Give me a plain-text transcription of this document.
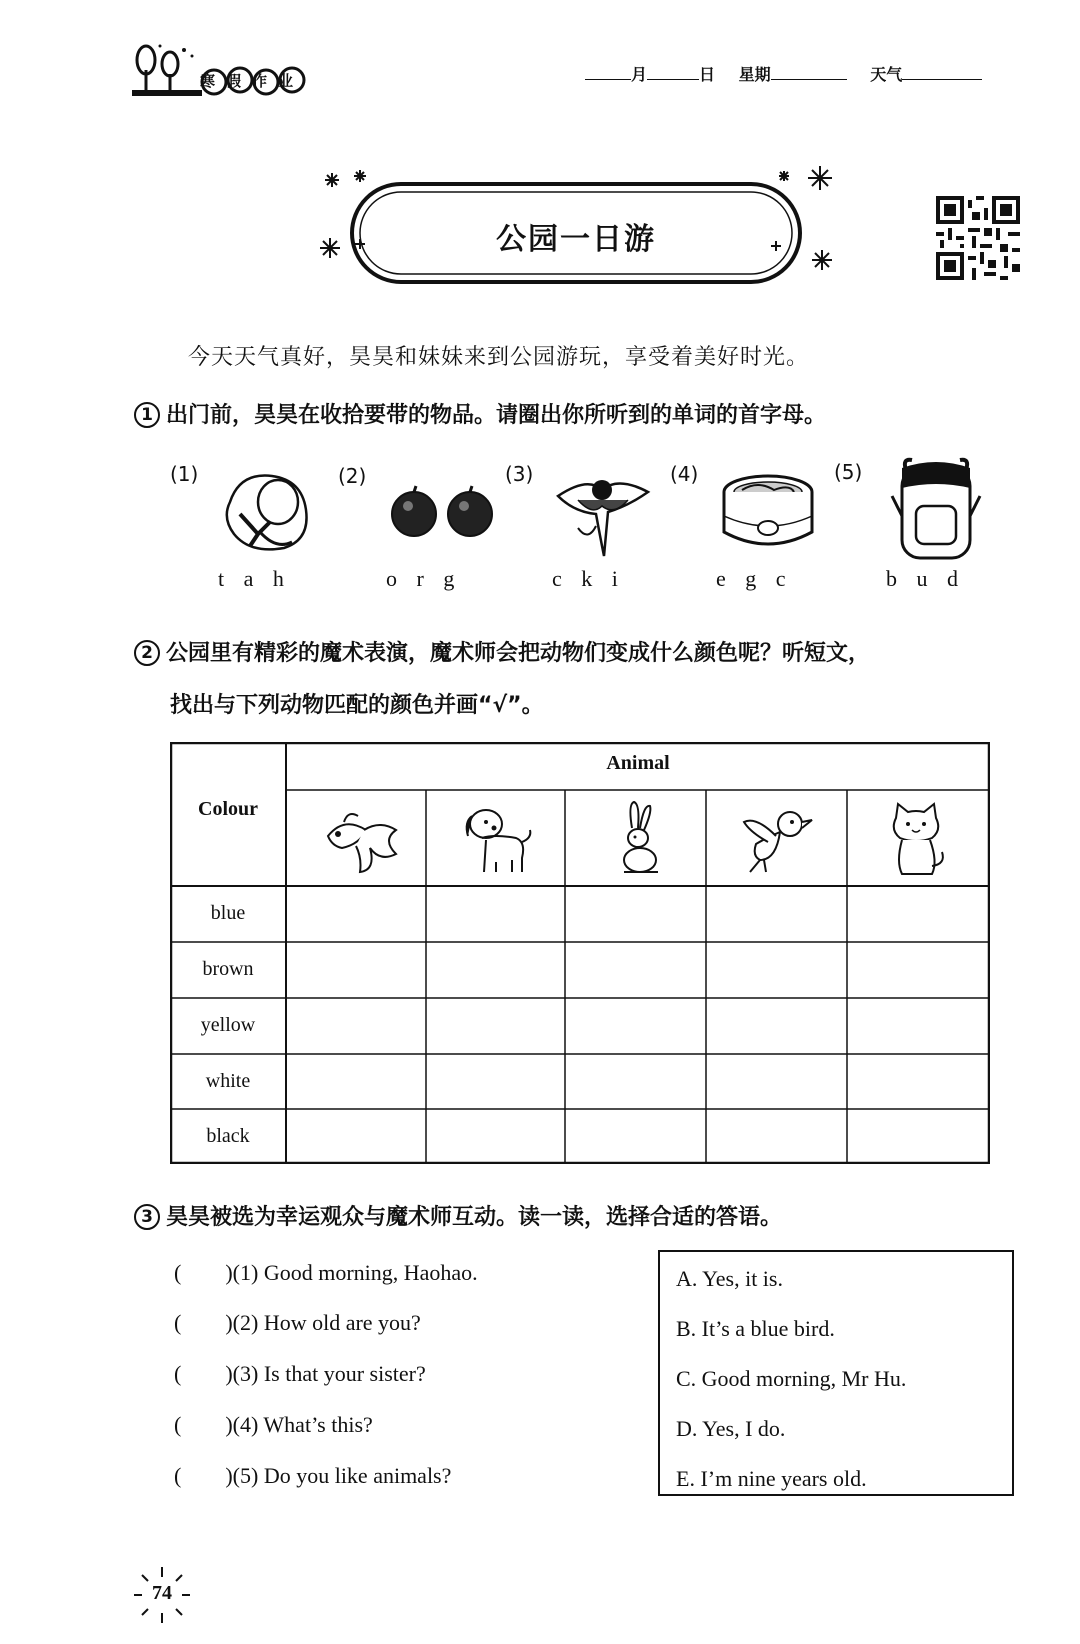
寒假作业	月	日 星期	天气
公园一日游
今天天气真好，昊昊和妹妹来到公园游玩，享受着美好时光。
1 出门前，昊昊在收拾要带的物品。请圈出你所听到的单词的首字母。
(1)	(2)	(3)	(4)	(5)
t a h	o r g	c k i	e g c	b u d
2 公园里有精彩的魔术表演，魔术师会把动物们变成什么颜色呢？听短文，
找出与下列动物匹配的颜色并画“√”。
Colour
Animal
blue
brown
yellow
white
black
3 昊昊被选为幸运观众与魔术师互动。读一读，选择合适的答语。
(　　)(1) Good morning, Haohao.
(　　)(2) How old are you?
(　　)(3) Is that your sister?
(　　)(4) What’s this?
(　　)(5) Do you like animals?
A. Yes, it is.
B. It’s a blue bird.
C. Good morning, Mr Hu.
D. Yes, I do.
E. I’m nine years old.
74
